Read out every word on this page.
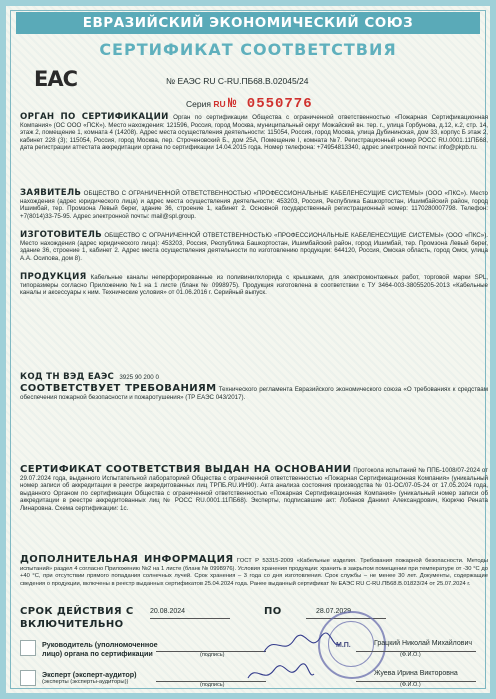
ЕВРАЗИЙСКИЙ ЭКОНОМИЧЕСКИЙ СОЮЗ
СЕРТИФИКАТ СООТВЕТСТВИЯ
ЕАС	№ ЕАЭС RU С-RU.ПБ68.В.02045/24
Серия RU № 0550776
ОРГАН ПО СЕРТИФИКАЦИИ Орган по сертификации Общества с ограниченной ответственностью «Пожарная Сертификационная Компания» (ОС ООО «ПСК»). Место нахождения: 121596, Россия, город Москва, муниципальный округ Можайский вн. тер. г., улица Горбунова, д.12, к.2, стр. 14, этаж 2, помещение 1, комната 4 (14208). Адрес места осуществления деятельности: 115054, Россия, город Москва, улица Дубининская, дом 33, корпус Б этаж 2, кабинет 228 (3); 115054, Россия, город Москва, пер. Строченовский Б., дом 25А, Помещение I, комната №7. Регистрационный номер РОСС RU.0001.11ПБ68, дата регистрации аттестата аккредитации органа по сертификации 14.04.2015 года. Номер телефона: +74954813340, адрес электронной почты: info@pkpb.ru.
ЗАЯВИТЕЛЬ ОБЩЕСТВО С ОГРАНИЧЕННОЙ ОТВЕТСТВЕННОСТЬЮ «ПРОФЕССИОНАЛЬНЫЕ КАБЕЛЕНЕСУЩИЕ СИСТЕМЫ» (ООО «ПКС»). Место нахождения (адрес юридического лица) и адрес места осуществления деятельности: 453203, Россия, Республика Башкортостан, Ишимбайский район, город Ишимбай, тер. Промзона Левый берег, здание 36, строение 1, кабинет 2. Основной государственный регистрационный номер: 1170280007798. Телефон: +7(8014)33-75-95. Адрес электронной почты: mail@spl.group.
ИЗГОТОВИТЕЛЬ ОБЩЕСТВО С ОГРАНИЧЕННОЙ ОТВЕТСТВЕННОСТЬЮ «ПРОФЕССИОНАЛЬНЫЕ КАБЕЛЕНЕСУЩИЕ СИСТЕМЫ» (ООО «ПКС»). Место нахождения (адрес юридического лица): 453203, Россия, Республика Башкортостан, Ишимбайский район, город Ишимбай, тер. Промзона Левый берег, здание 36, строение 1, кабинет 2. Адрес места осуществления деятельности по изготовлению продукции: 644120, Россия, Омская область, город Омск, улица А.А. Осипова, дом 8).
ПРОДУКЦИЯ Кабельные каналы неперфорированные из поливинилхлорида с крышками, для электромонтажных работ, торговой марки SPL, типоразмеры согласно Приложению №1 на 1 листе (бланк № 0998975). Продукция изготовлена в соответствии с ТУ 3464-003-38055205-2013 «Кабельные каналы и аксессуары к ним. Технические условия» от 01.06.2016 г. Серийный выпуск.
КОД ТН ВЭД ЕАЭС 3925 90 200 0
СООТВЕТСТВУЕТ ТРЕБОВАНИЯМ Технического регламента Евразийского экономического союза «О требованиях к средствам обеспечения пожарной безопасности и пожаротушения» (ТР ЕАЭС 043/2017).
СЕРТИФИКАТ СООТВЕТСТВИЯ ВЫДАН НА ОСНОВАНИИ Протокола испытаний № ППБ-1008/07-2024 от 29.07.2024 года, выданного Испытательной лабораторией Общества с ограниченной ответственностью «Пожарная Сертификационная Компания» (уникальный номер записи об аккредитации в реестре аккредитованных лиц ТРПБ.RU.ИН90). Акта анализа состояния производства № 01-ОС/07-05-24 от 17.05.2024 года, выданного Органом по сертификации Общества с ограниченной ответственностью «Пожарная Сертификационная Компания» (уникальный номер записи об аккредитации в реестре аккредитованных лиц № РОСС RU.0001.11ПБ68). Эксперты, подписавшие акт: Лобанов Даниил Александрович, Кюркчю Рената Линаровна. Схема сертификации: 1с.
ДОПОЛНИТЕЛЬНАЯ ИНФОРМАЦИЯ ГОСТ Р 53315-2009 «Кабельные изделия. Требования пожарной безопасности. Методы испытаний» раздел 4 согласно Приложению №2 на 1 листе (бланк № 0998976). Условия хранения продукции: хранить в закрытом помещении при температуре от -30 °С до +40 °С, при отсутствии прямого попадания солнечных лучей. Срок хранения – 3 года со дня изготовления. Срок службы – не менее 30 лет. Документы, содержащие сведения о продукции, включены в реестр выданных сертификатов 25.04.2024 года. Ранее выданный сертификат № ЕАЭС RU С-RU.ПБ68.В.01823/24 от 25.07.2024 г.
СРОК ДЕЙСТВИЯ С 20.08.2024	ПО	28.07.2029
ВКЛЮЧИТЕЛЬНО
М.П.
Руководитель (уполномоченное
лицо) органа по сертификации
Грацкий Николай Михайлович
(подпись)	(Ф.И.О.)
Эксперт (эксперт-аудитор)
(эксперты (эксперты-аудиторы))
Жуева Ирина Викторовна
(подпись)	(Ф.И.О.)
